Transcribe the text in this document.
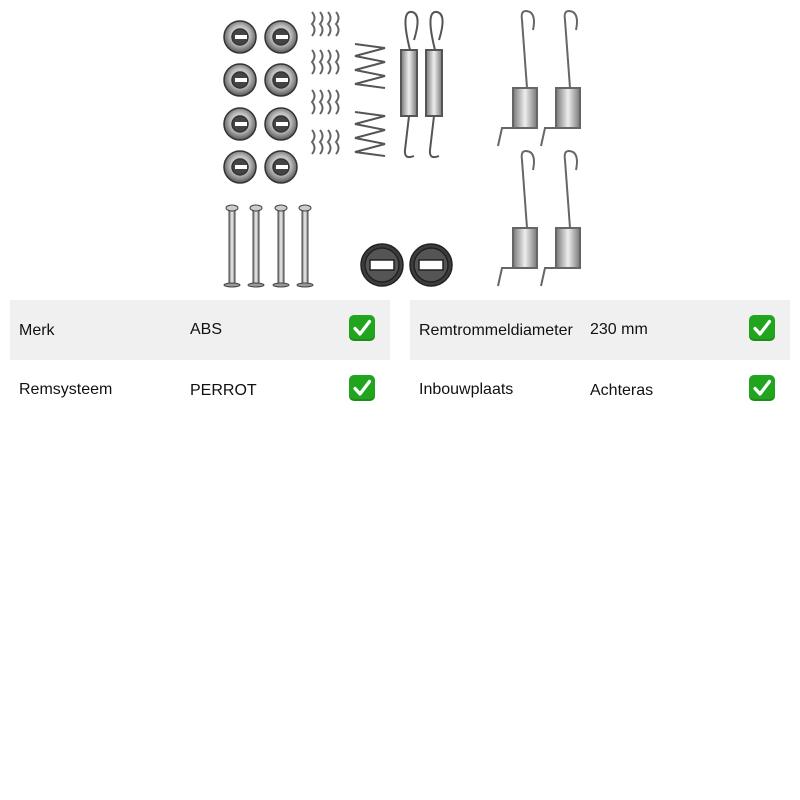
Merk	ABS
Remsysteem	PERROT
Remtrommeldiameter 230 mm
Inbouwplaats	Achteras
